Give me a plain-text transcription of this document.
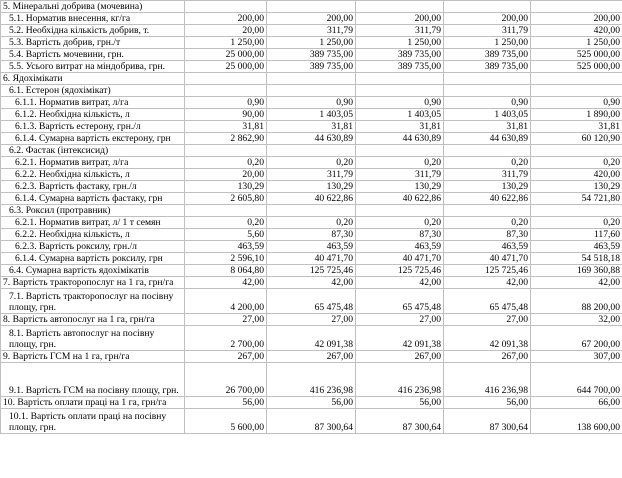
5. Мінеральні добрива (мочевина)					
5.1. Норматив внесення, кг/га	200,00	200,00	200,00	200,00	200,00
5.2. Необхідна кількість добрив, т.	20,00	311,79	311,79	311,79	420,00
5.3. Вартість добрив, грн./т	1 250,00	1 250,00	1 250,00	1 250,00	1 250,00
5.4. Вартість мочевини, грн.	25 000,00	389 735,00	389 735,00	389 735,00	525 000,00
5.5. Усього витрат на міндобрива, грн.	25 000,00	389 735,00	389 735,00	389 735,00	525 000,00
6. Ядохімікати					
6.1. Естерон (ядохімікат)					
6.1.1. Норматив витрат, л/га	0,90	0,90	0,90	0,90	0,90
6.1.2. Необхідна кількість, л	90,00	1 403,05	1 403,05	1 403,05	1 890,00
6.1.3. Вартість естерону, грн./л	31,81	31,81	31,81	31,81	31,81
6.1.4. Сумарна вартість екстерону, грн	2 862,90	44 630,89	44 630,89	44 630,89	60 120,90
6.2. Фастак (інтексисид)					
6.2.1. Норматив витрат, л/га	0,20	0,20	0,20	0,20	0,20
6.2.2. Необхідна кількість, л	20,00	311,79	311,79	311,79	420,00
6.2.3. Вартість фастаку, грн./л	130,29	130,29	130,29	130,29	130,29
6.1.4. Сумарна вартість фастаку, грн	2 605,80	40 622,86	40 622,86	40 622,86	54 721,80
6.3. Роксил (протравник)					
6.2.1. Норматив витрат, л/ 1 т семян	0,20	0,20	0,20	0,20	0,20
6.2.2. Необхідна кількість, л	5,60	87,30	87,30	87,30	117,60
6.2.3. Вартість роксилу, грн./л	463,59	463,59	463,59	463,59	463,59
6.1.4. Сумарна вартість роксилу, грн	2 596,10	40 471,70	40 471,70	40 471,70	54 518,18
6.4. Сумарна вартість ядохімікатів	8 064,80	125 725,46	125 725,46	125 725,46	169 360,88
7. Вартість тракторопослуг на 1 га, грн/га	42,00	42,00	42,00	42,00	42,00
7.1. Вартість тракторопослуг на посівну площу, грн.	4 200,00	65 475,48	65 475,48	65 475,48	88 200,00
8. Вартість автопослуг на 1 га, грн/га	27,00	27,00	27,00	27,00	32,00
8.1. Вартість автопослуг на посівну площу, грн.	2 700,00	42 091,38	42 091,38	42 091,38	67 200,00
9. Вартість ГСМ на 1 га, грн/га	267,00	267,00	267,00	267,00	307,00
9.1. Вартість ГСМ на посівну площу, грн.	26 700,00	416 236,98	416 236,98	416 236,98	644 700,00
10. Вартість оплати праці на 1 га, грн/га	56,00	56,00	56,00	56,00	66,00
10.1. Вартість оплати праці на посівну площу, грн.	5 600,00	87 300,64	87 300,64	87 300,64	138 600,00
